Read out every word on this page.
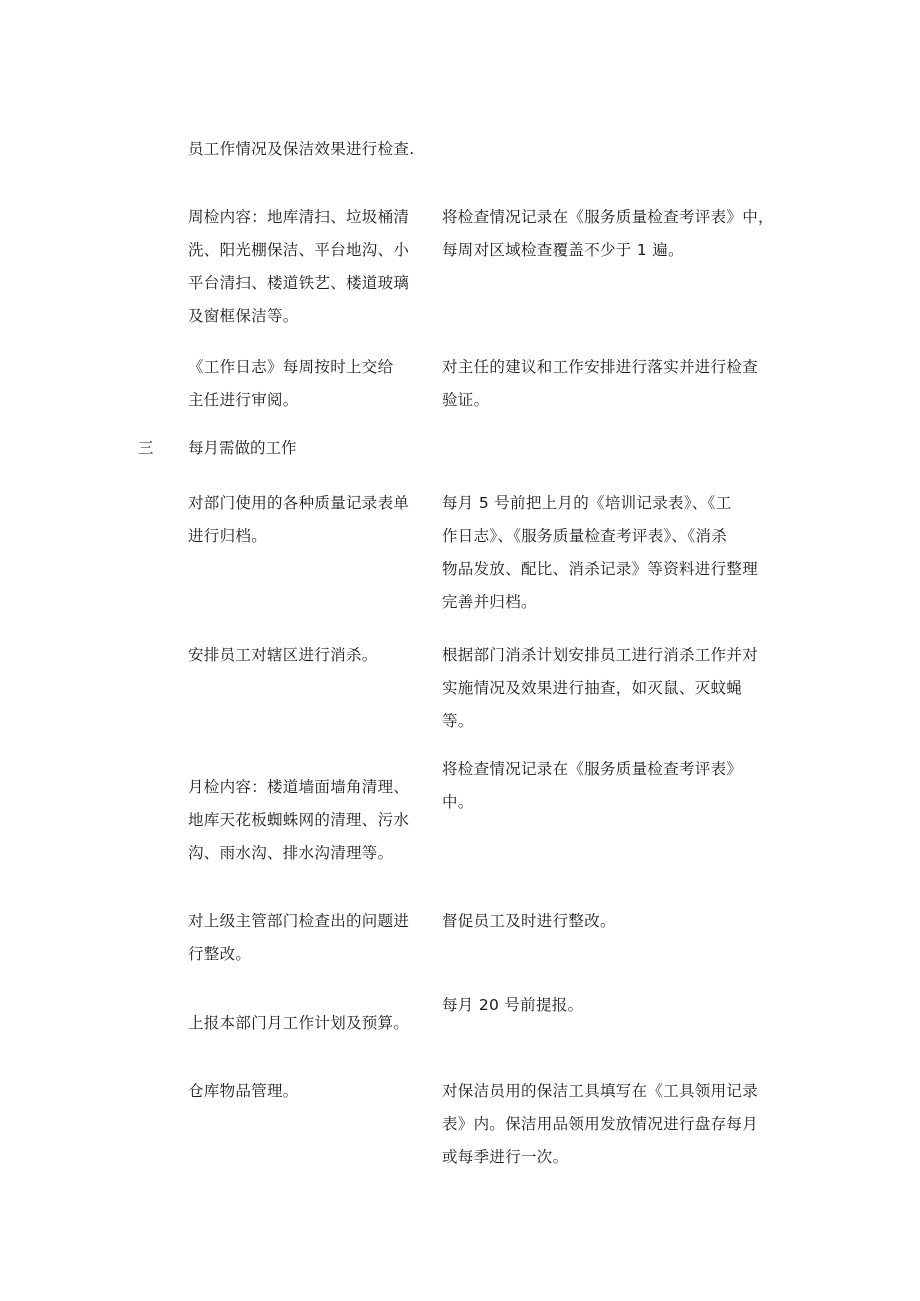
员工作情况及保洁效果进行检查.
周检内容：地库清扫、垃圾桶清
洗、阳光棚保洁、平台地沟、小
平台清扫、楼道铁艺、楼道玻璃
及窗框保洁等。
将检查情况记录在《服务质量检查考评表》中，
每周对区域检查覆盖不少于 1 遍。
《工作日志》每周按时上交给
主任进行审阅。
对主任的建议和工作安排进行落实并进行检查
验证。
三 每月需做的工作
对部门使用的各种质量记录表单
进行归档。
每月 5 号前把上月的《培训记录表》、《工
作日志》、《服务质量检查考评表》、《消杀
物品发放、配比、消杀记录》等资料进行整理
完善并归档。
安排员工对辖区进行消杀。	根据部门消杀计划安排员工进行消杀工作并对
实施情况及效果进行抽查，如灭鼠、灭蚊蝇
等。
月检内容：楼道墙面墙角清理、
地库天花板蜘蛛网的清理、污水
沟、雨水沟、排水沟清理等。
将检查情况记录在《服务质量检查考评表》
中。
对上级主管部门检查出的问题进
行整改。
督促员工及时进行整改。
上报本部门月工作计划及预算。
每月 20 号前提报。
仓库物品管理。	对保洁员用的保洁工具填写在《工具领用记录
表》内。保洁用品领用发放情况进行盘存每月
或每季进行一次。
